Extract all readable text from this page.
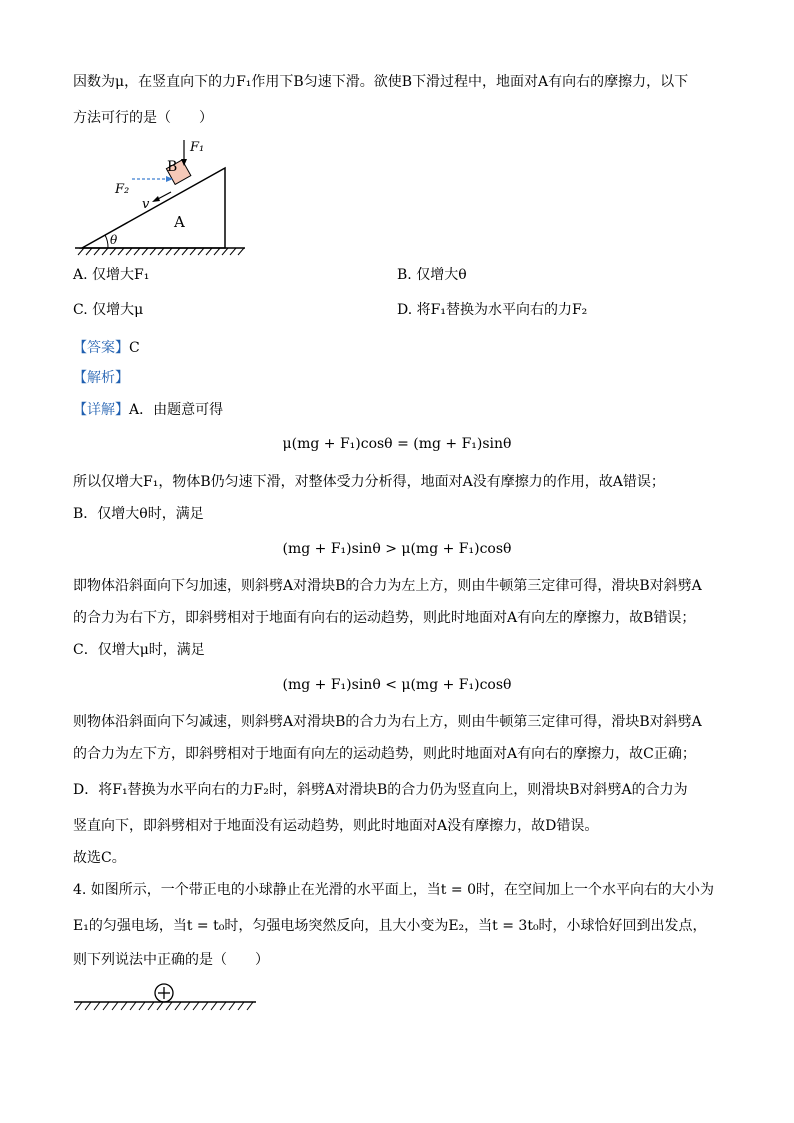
因数为μ，在竖直向下的力F₁作用下B匀速下滑。欲使B下滑过程中，地面对A有向右的摩擦力，以下
方法可行的是（　　）
θ
F₁
B
F₂
v
A
A. 仅增大F₁	B. 仅增大θ
C. 仅增大μ	D. 将F₁替换为水平向右的力F₂
【答案】C
【解析】
【详解】A．由题意可得
μ(mg + F₁)cosθ = (mg + F₁)sinθ
所以仅增大F₁，物体B仍匀速下滑，对整体受力分析得，地面对A没有摩擦力的作用，故A错误；
B．仅增大θ时，满足
(mg + F₁)sinθ > μ(mg + F₁)cosθ
即物体沿斜面向下匀加速，则斜劈A对滑块B的合力为左上方，则由牛顿第三定律可得，滑块B对斜劈A
的合力为右下方，即斜劈相对于地面有向右的运动趋势，则此时地面对A有向左的摩擦力，故B错误；
C．仅增大μ时，满足
(mg + F₁)sinθ < μ(mg + F₁)cosθ
则物体沿斜面向下匀减速，则斜劈A对滑块B的合力为右上方，则由牛顿第三定律可得，滑块B对斜劈A
的合力为左下方，即斜劈相对于地面有向左的运动趋势，则此时地面对A有向右的摩擦力，故C正确；
D．将F₁替换为水平向右的力F₂时，斜劈A对滑块B的合力仍为竖直向上，则滑块B对斜劈A的合力为
竖直向下，即斜劈相对于地面没有运动趋势，则此时地面对A没有摩擦力，故D错误。
故选C。
4. 如图所示，一个带正电的小球静止在光滑的水平面上，当t = 0时，在空间加上一个水平向右的大小为
E₁的匀强电场，当t = t₀时，匀强电场突然反向，且大小变为E₂，当t = 3t₀时，小球恰好回到出发点，
则下列说法中正确的是（　　）
